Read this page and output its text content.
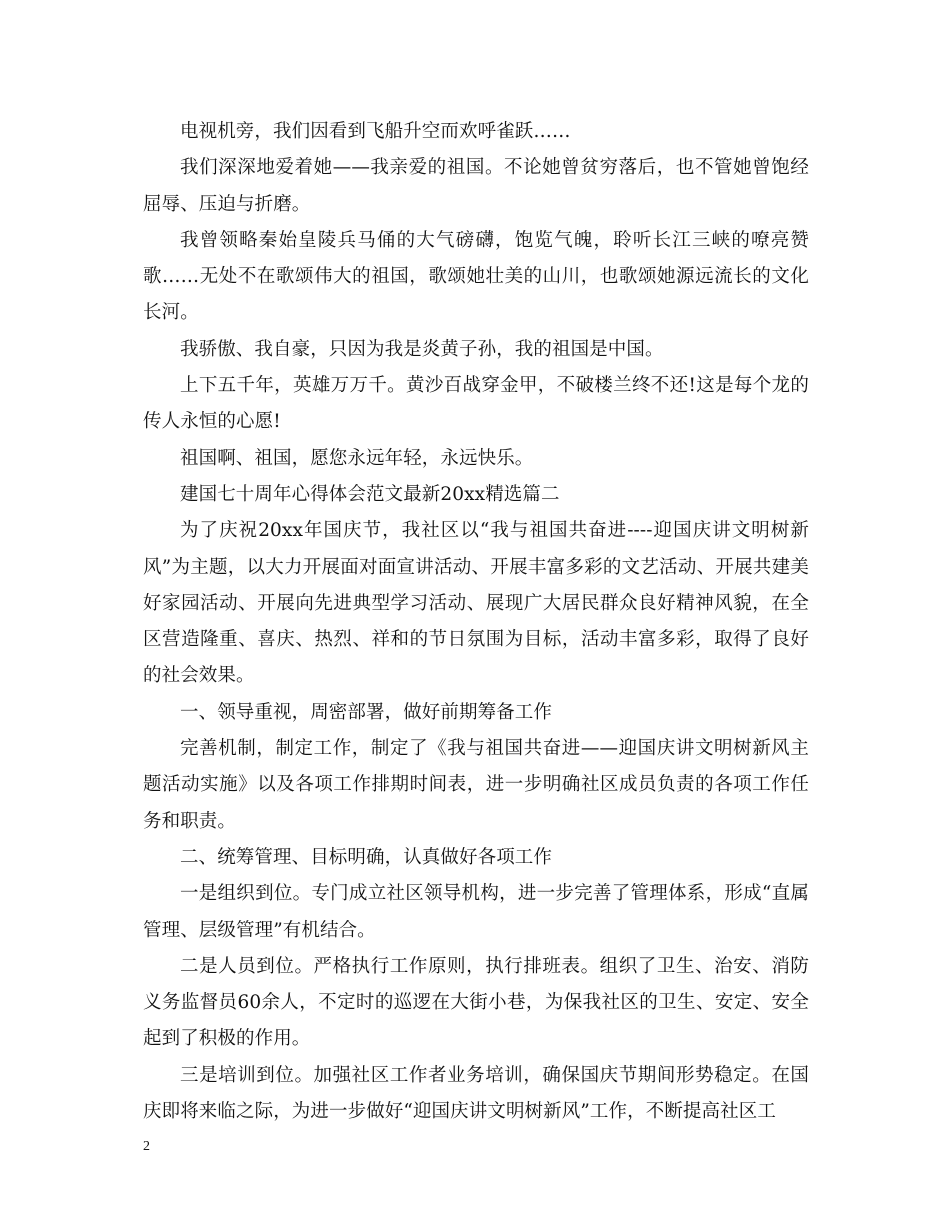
电视机旁，我们因看到飞船升空而欢呼雀跃……

我们深深地爱着她——我亲爱的祖国。不论她曾贫穷落后，也不管她曾饱经屈辱、压迫与折磨。

我曾领略秦始皇陵兵马俑的大气磅礴，饱览气魄，聆听长江三峡的嘹亮赞歌……无处不在歌颂伟大的祖国，歌颂她壮美的山川，也歌颂她源远流长的文化长河。

我骄傲、我自豪，只因为我是炎黄子孙，我的祖国是中国。

上下五千年，英雄万万千。黄沙百战穿金甲，不破楼兰终不还!这是每个龙的传人永恒的心愿!

祖国啊、祖国，愿您永远年轻，永远快乐。

建国七十周年心得体会范文最新20xx精选篇二

为了庆祝20xx年国庆节，我社区以“我与祖国共奋进----迎国庆讲文明树新风”为主题，以大力开展面对面宣讲活动、开展丰富多彩的文艺活动、开展共建美好家园活动、开展向先进典型学习活动、展现广大居民群众良好精神风貌，在全区营造隆重、喜庆、热烈、祥和的节日氛围为目标，活动丰富多彩，取得了良好的社会效果。

一、领导重视，周密部署，做好前期筹备工作

完善机制，制定工作，制定了《我与祖国共奋进——迎国庆讲文明树新风主题活动实施》以及各项工作排期时间表，进一步明确社区成员负责的各项工作任务和职责。

二、统筹管理、目标明确，认真做好各项工作

一是组织到位。专门成立社区领导机构，进一步完善了管理体系，形成“直属管理、层级管理”有机结合。

二是人员到位。严格执行工作原则，执行排班表。组织了卫生、治安、消防义务监督员60余人，不定时的巡逻在大街小巷，为保我社区的卫生、安定、安全起到了积极的作用。

三是培训到位。加强社区工作者业务培训，确保国庆节期间形势稳定。在国庆即将来临之际，为进一步做好“迎国庆讲文明树新风”工作，不断提高社区工

2
